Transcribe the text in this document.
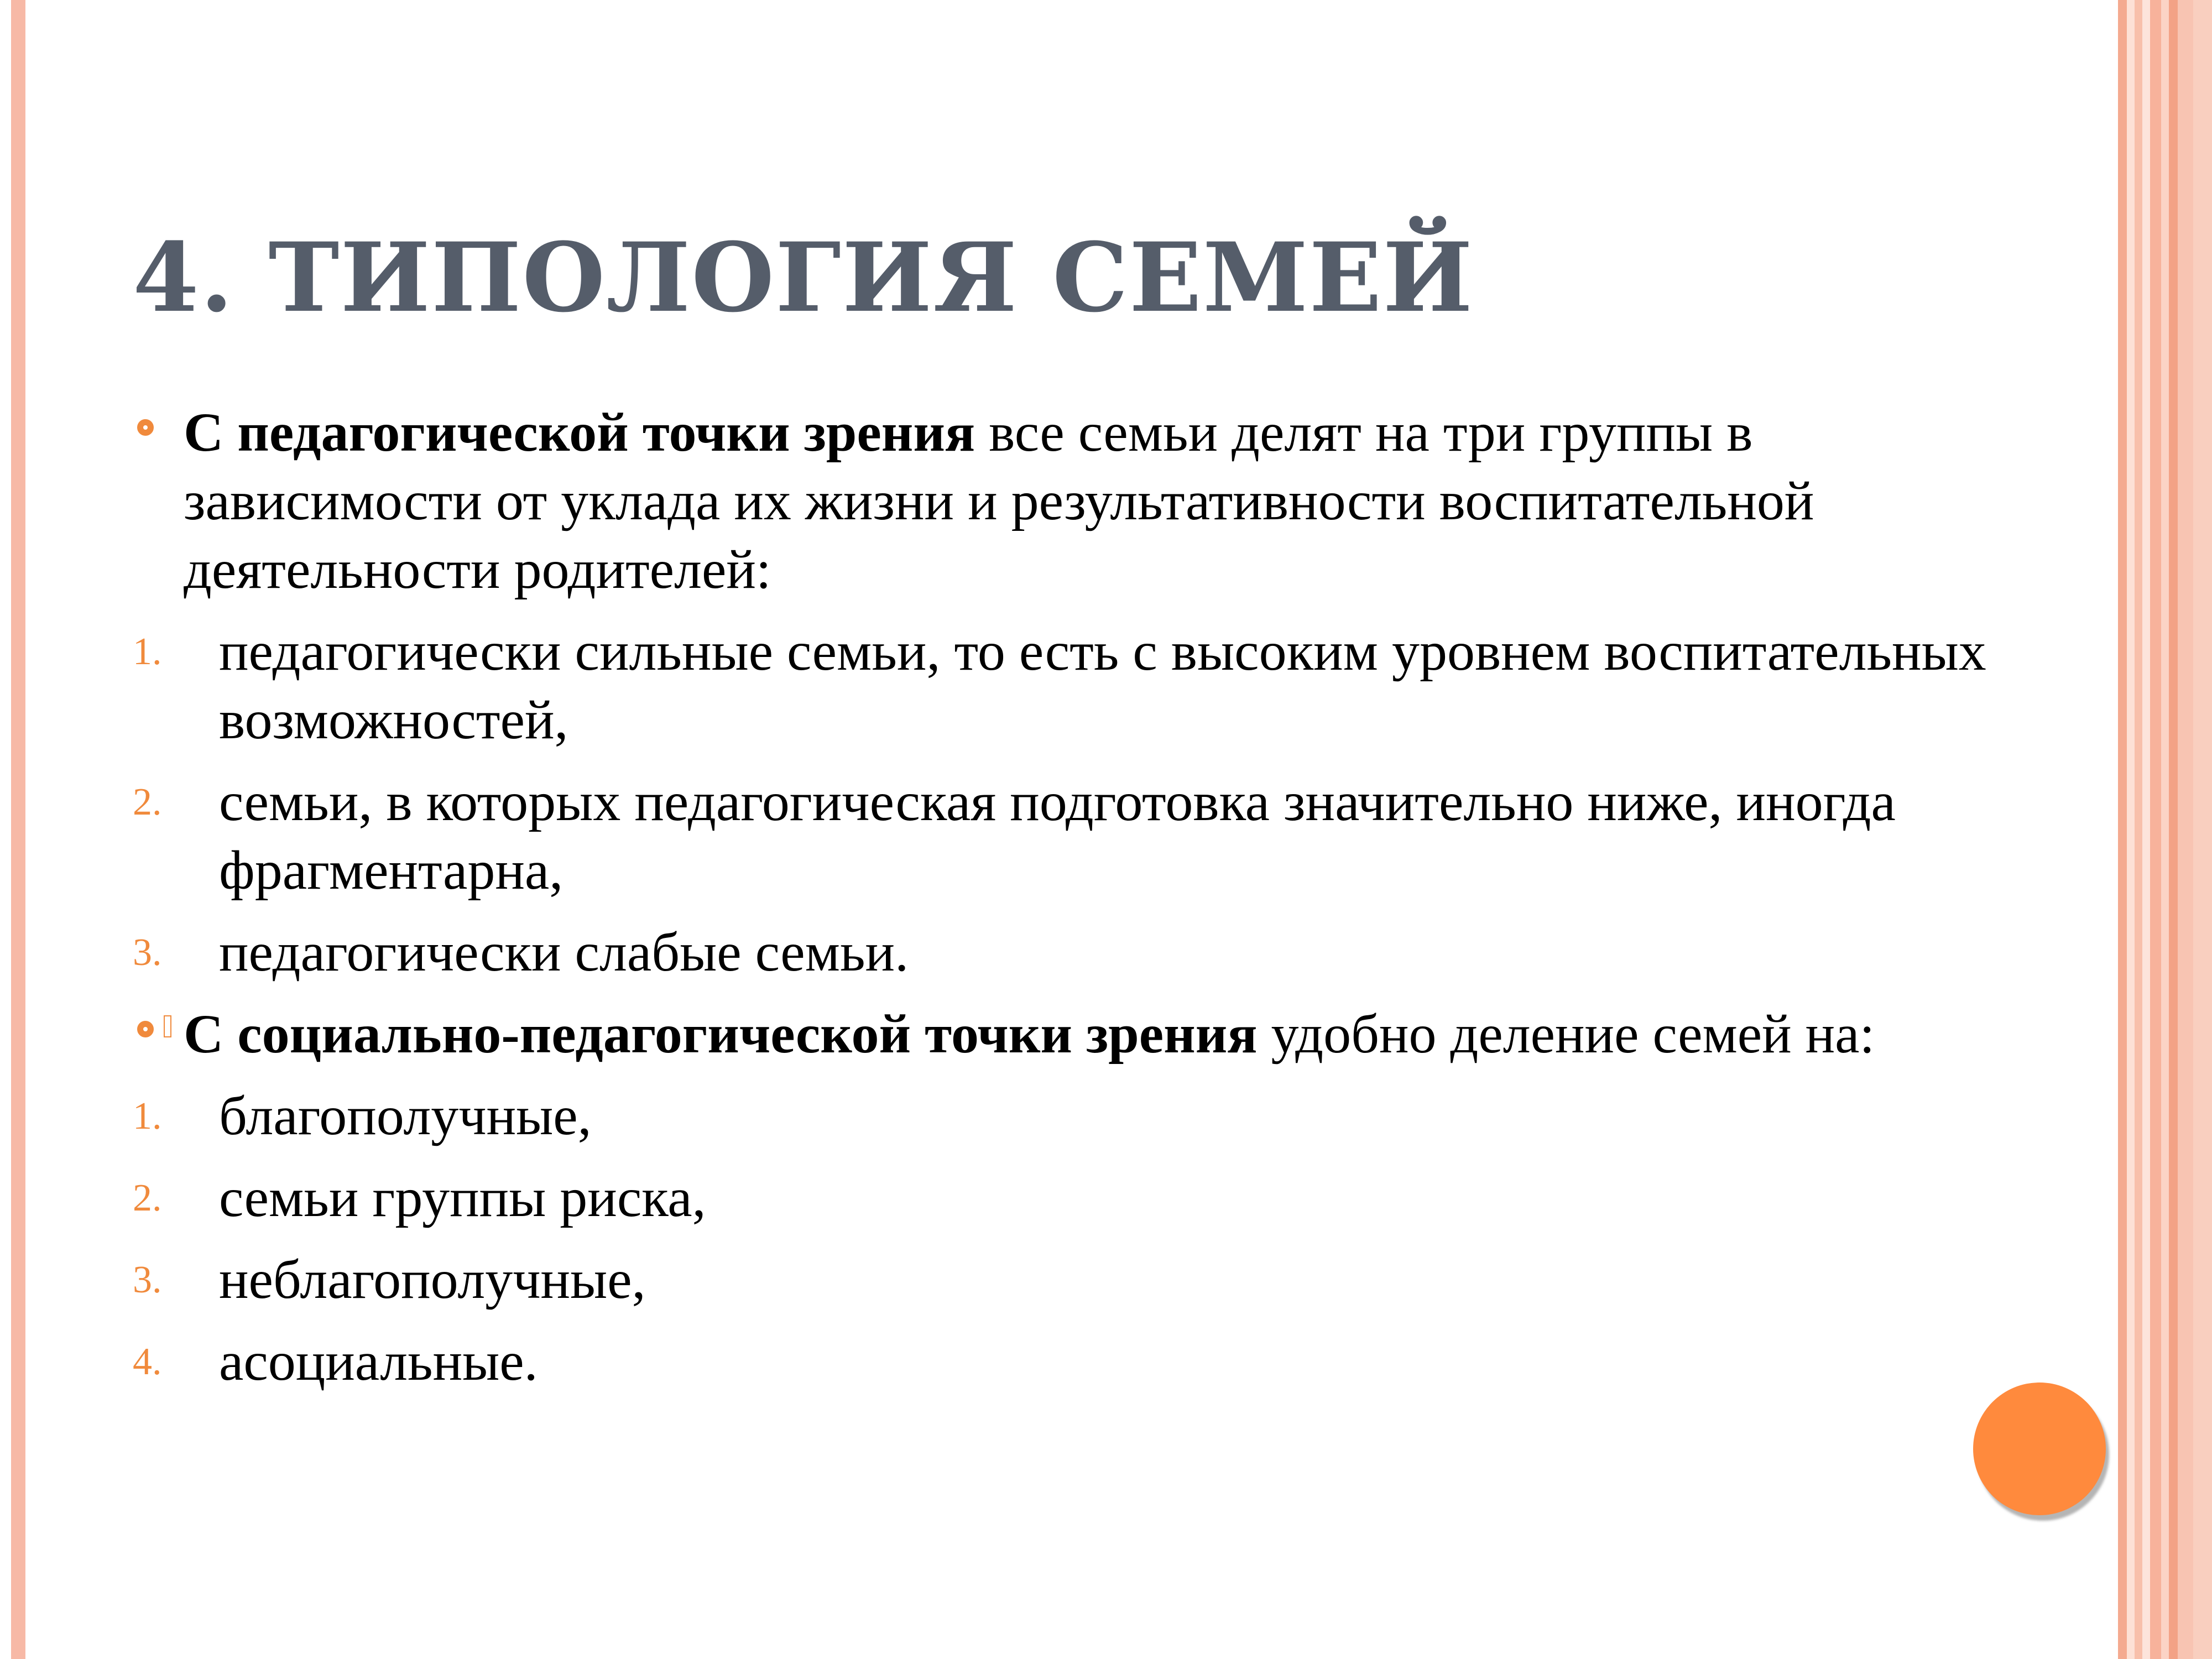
4. ТИПОЛОГИЯ СЕМЕЙ

С педагогической точки зрения все семьи делят на три группы в зависимости от уклада их жизни и результативности воспитательной деятельности родителей:

1. педагогически сильные семьи, то есть с высоким уровнем воспитательных возможностей,
2. семьи, в которых педагогическая подготовка значительно ниже, иногда фрагментарна,
3. педагогически слабые семьи.

С социально-педагогической точки зрения удобно деление семей на:

1. благополучные,
2. семьи группы риска,
3. неблагополучные,
4. асоциальные.
